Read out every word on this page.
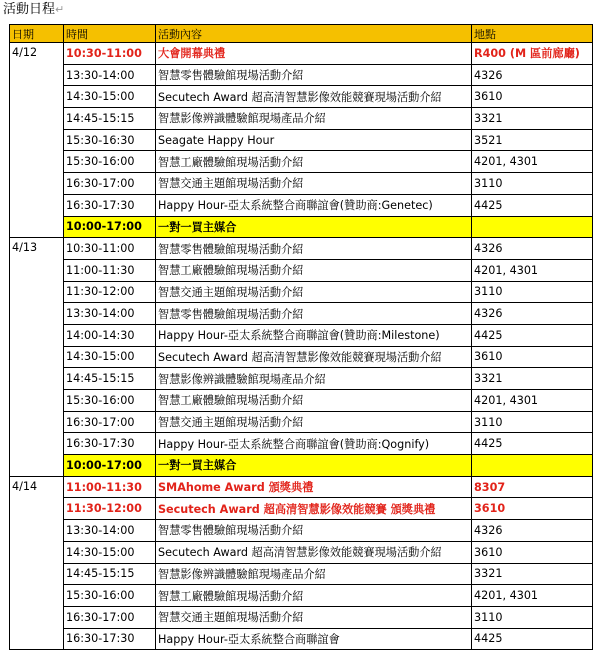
活動日程↵
日期	時間	活動內容	地點
4/12	10:30-11:00	大會開幕典禮	R400 (M 區前廊廳)
	13:30-14:00	智慧零售體驗館現場活動介紹	4326
	14:30-15:00	Secutech Award 超高清智慧影像效能競賽現場活動介紹	3610
	14:45-15:15	智慧影像辨識體驗館現場產品介紹	3321
	15:30-16:30	Seagate Happy Hour	3521
	15:30-16:00	智慧工廠體驗館現場活動介紹	4201, 4301
	16:30-17:00	智慧交通主題館現場活動介紹	3110
	16:30-17:30	Happy Hour-亞太系統整合商聯誼會(贊助商:Genetec)	4425
	10:00-17:00	一對一買主媒合	
4/13	10:30-11:00	智慧零售體驗館現場活動介紹	4326
	11:00-11:30	智慧工廠體驗館現場活動介紹	4201, 4301
	11:30-12:00	智慧交通主題館現場活動介紹	3110
	13:30-14:00	智慧零售體驗館現場活動介紹	4326
	14:00-14:30	Happy Hour-亞太系統整合商聯誼會(贊助商:Milestone)	4425
	14:30-15:00	Secutech Award 超高清智慧影像效能競賽現場活動介紹	3610
	14:45-15:15	智慧影像辨識體驗館現場產品介紹	3321
	15:30-16:00	智慧工廠體驗館現場活動介紹	4201, 4301
	16:30-17:00	智慧交通主題館現場活動介紹	3110
	16:30-17:30	Happy Hour-亞太系統整合商聯誼會(贊助商:Qognify)	4425
	10:00-17:00	一對一買主媒合	
4/14	11:00-11:30	SMAhome Award 頒獎典禮	8307
	11:30-12:00	Secutech Award 超高清智慧影像效能競賽 頒獎典禮	3610
	13:30-14:00	智慧零售體驗館現場活動介紹	4326
	14:30-15:00	Secutech Award 超高清智慧影像效能競賽現場活動介紹	3610
	14:45-15:15	智慧影像辨識體驗館現場產品介紹	3321
	15:30-16:00	智慧工廠體驗館現場活動介紹	4201, 4301
	16:30-17:00	智慧交通主題館現場活動介紹	3110
	16:30-17:30	Happy Hour-亞太系統整合商聯誼會	4425
